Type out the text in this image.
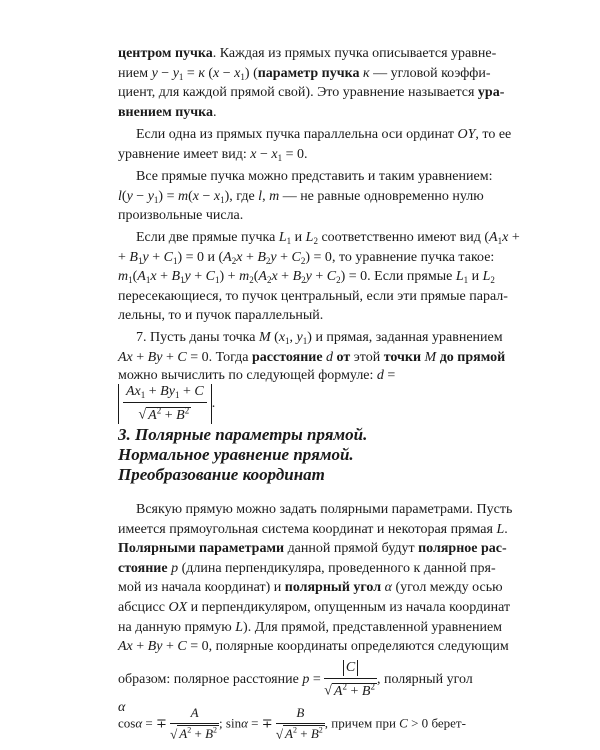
центром пучка. Каждая из прямых пучка описывается уравне-
нием $y - y_1 = к$ $(x - x_1)$ (параметр пучка к — угловой коэффи-
циент, для каждой прямой свой). Это уравнение называется ура-
внением пучка.
Если одна из прямых пучка параллельна оси ординат OY, то ее
уравнение имеет вид: $x - x_1 = 0$.
Все прямые пучка можно представить и таким уравнением:
$l(y - y_1) = m(x - x_1)$, где l, m — не равные одновременно нулю
произвольные числа.
Если две прямые пучка $L_1$ и $L_2$ соответственно имеют вид ($A_1x$ +
+ $B_1y + C_1) = 0$ и $(A_2x + B_2y + C_2) = 0$, то уравнение пучка такое:
$m_1(A_1x + B_1y + C_1) + m_2(A_2x + B_2y + C_2) = 0$. Если прямые $L_1$ и $L_2$
пересекающиеся, то пучок центральный, если эти прямые парал-
лельны, то и пучок параллельный.
7. Пусть даны точка M ($x_1$, $y_1$) и прямая, заданная уравнением
Ax + By + C = 0. Тогда расстояние d от этой точки M до прямой
можно вычислить по следующей формуле: d =
$\frac{Ax_1 + By_1 + C}{√ A^2 + B^2}$ .
3. Полярные параметры прямой.
Нормальное уравнение прямой.
Преобразование координат
Всякую прямую можно задать полярными параметрами. Пусть
имеется прямоугольная система координат и некоторая прямая L.
Полярными параметрами данной прямой будут полярное рас-
стояние p (длина перпендикуляра, проведенного к данной пря-
мой из начала координат) и полярный угол α (угол между осью
абсцисс OX и перпендикуляром, опущенным из начала координат
на данную прямую L). Для прямой, представленной уравнением
Ax + By + C = 0, полярные координаты определяются следующим
образом: полярное расстояние $p = \frac{C}{√ A^2 + B^2}$ , полярный угол α
cosα = ∓ $\frac{A}{√ A^2 + B^2}$ ; sinα = ∓ $\frac{B}{√ A^2 + B^2}$ , причем при C > 0 берет-
